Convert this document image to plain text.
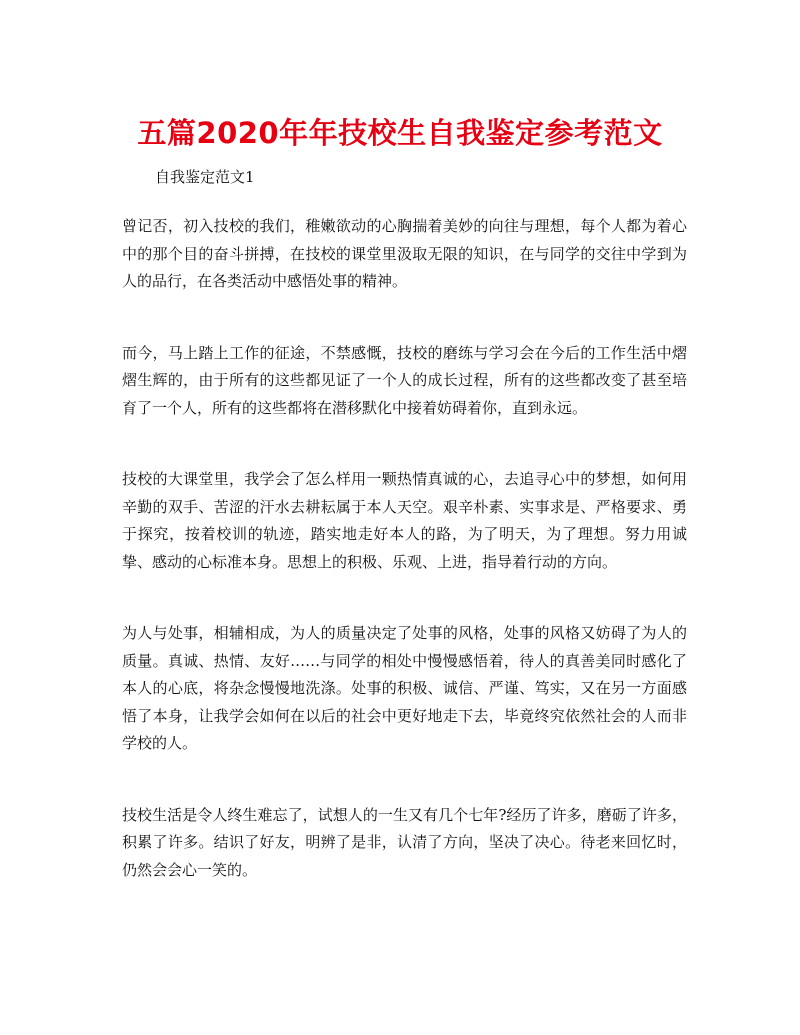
五篇2020年年技校生自我鉴定参考范文
自我鉴定范文1

曾记否，初入技校的我们，稚嫩欲动的心胸揣着美妙的向往与理想，每个人都为着心中的那个目的奋斗拼搏，在技校的课堂里汲取无限的知识，在与同学的交往中学到为人的品行，在各类活动中感悟处事的精神。

而今，马上踏上工作的征途，不禁感慨，技校的磨练与学习会在今后的工作生活中熠熠生辉的，由于所有的这些都见证了一个人的成长过程，所有的这些都改变了甚至培育了一个人，所有的这些都将在潜移默化中接着妨碍着你，直到永远。

技校的大课堂里，我学会了怎么样用一颗热情真诚的心，去追寻心中的梦想，如何用辛勤的双手、苦涩的汗水去耕耘属于本人天空。艰辛朴素、实事求是、严格要求、勇于探究，按着校训的轨迹，踏实地走好本人的路，为了明天，为了理想。努力用诚挚、感动的心标准本身。思想上的积极、乐观、上进，指导着行动的方向。

为人与处事，相辅相成，为人的质量决定了处事的风格，处事的风格又妨碍了为人的质量。真诚、热情、友好……与同学的相处中慢慢感悟着，待人的真善美同时感化了本人的心底，将杂念慢慢地洗涤。处事的积极、诚信、严谨、笃实，又在另一方面感悟了本身，让我学会如何在以后的社会中更好地走下去，毕竟终究依然社会的人而非学校的人。

技校生活是令人终生难忘了，试想人的一生又有几个七年?经历了许多，磨砺了许多，积累了许多。结识了好友，明辨了是非，认清了方向，坚决了决心。待老来回忆时，仍然会会心一笑的。
